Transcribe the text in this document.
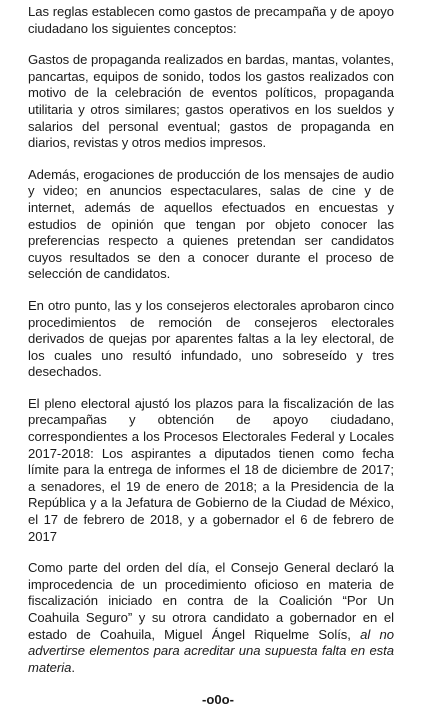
Las reglas establecen como gastos de precampaña y de apoyo ciudadano los siguientes conceptos:

Gastos de propaganda realizados en bardas, mantas, volantes, pancartas, equipos de sonido, todos los gastos realizados con motivo de la celebración de eventos políticos, propaganda utilitaria y otros similares; gastos operativos en los sueldos y salarios del personal eventual; gastos de propaganda en diarios, revistas y otros medios impresos.

Además, erogaciones de producción de los mensajes de audio y video; en anuncios espectaculares, salas de cine y de internet, además de aquellos efectuados en encuestas y estudios de opinión que tengan por objeto conocer las preferencias respecto a quienes pretendan ser candidatos cuyos resultados se den a conocer durante el proceso de selección de candidatos.

En otro punto, las y los consejeros electorales aprobaron cinco procedimientos de remoción de consejeros electorales derivados de quejas por aparentes faltas a la ley electoral, de los cuales uno resultó infundado, uno sobreseído y tres desechados.

El pleno electoral ajustó los plazos para la fiscalización de las precampañas y obtención de apoyo ciudadano, correspondientes a los Procesos Electorales Federal y Locales 2017-2018: Los aspirantes a diputados tienen como fecha límite para la entrega de informes el 18 de diciembre de 2017; a senadores, el 19 de enero de 2018; a la Presidencia de la República y a la Jefatura de Gobierno de la Ciudad de México, el 17 de febrero de 2018, y a gobernador el 6 de febrero de 2017

Como parte del orden del día, el Consejo General declaró la improcedencia de un procedimiento oficioso en materia de fiscalización iniciado en contra de la Coalición “Por Un Coahuila Seguro” y su otrora candidato a gobernador en el estado de Coahuila, Miguel Ángel Riquelme Solís, al no advertirse elementos para acreditar una supuesta falta en esta materia.

-o0o-
